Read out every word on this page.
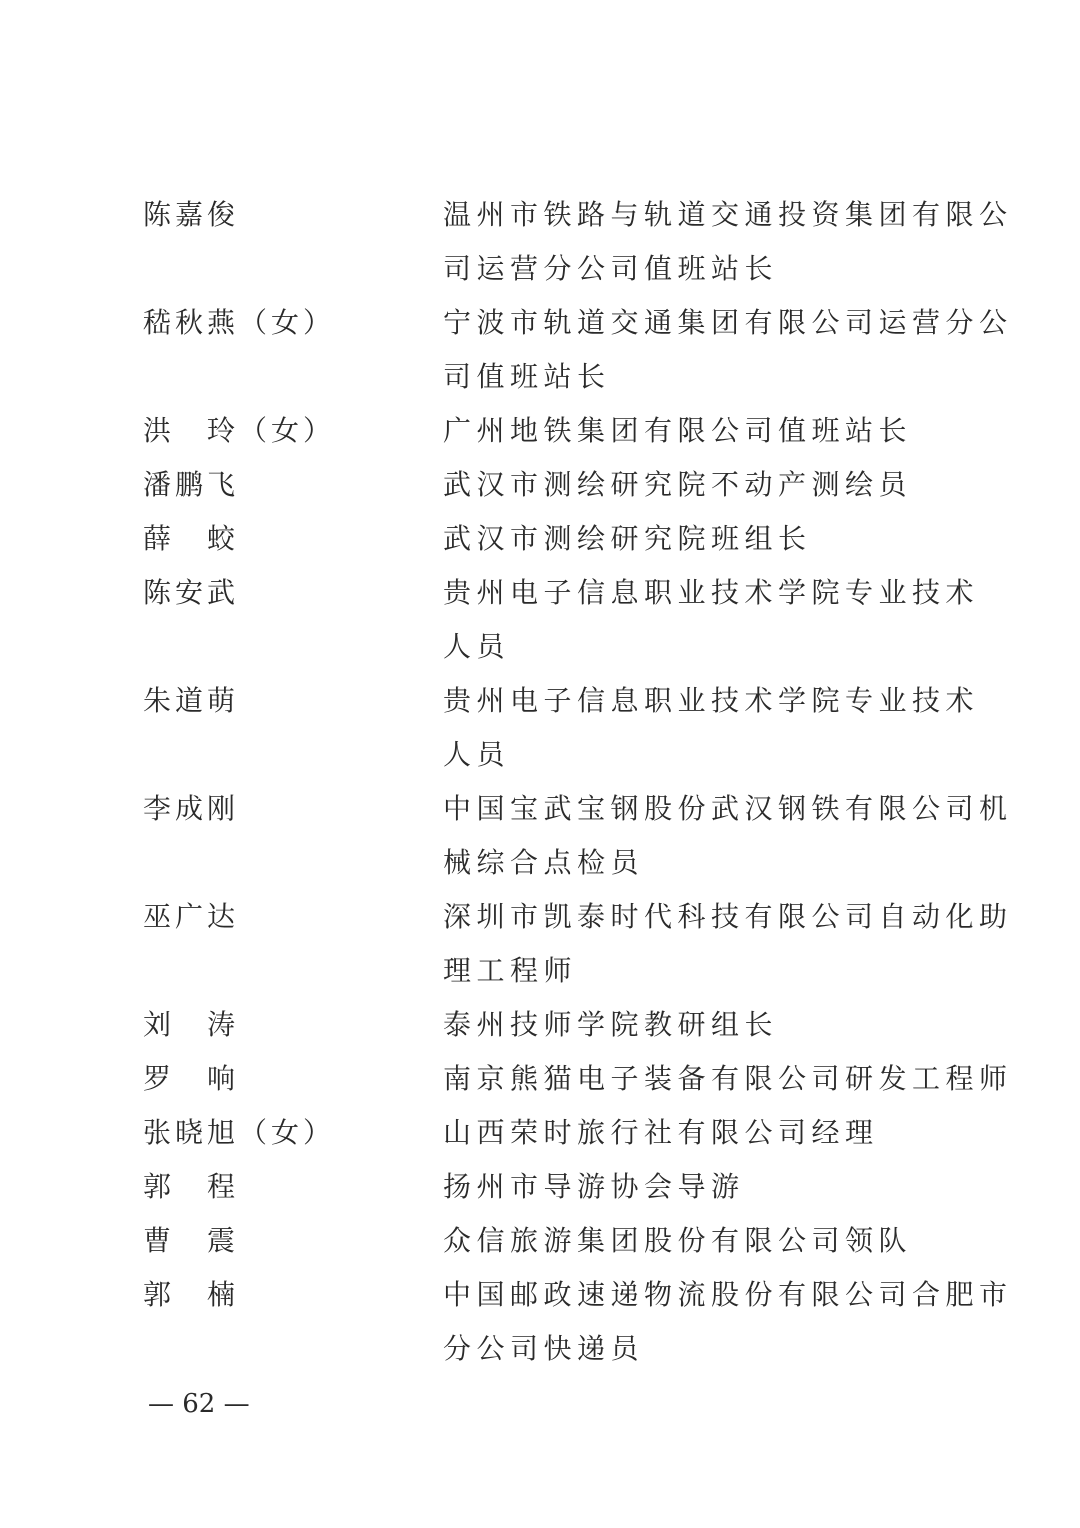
陈嘉俊	温州市铁路与轨道交通投资集团有限公
司运营分公司值班站长
嵇秋燕（女）	宁波市轨道交通集团有限公司运营分公
司值班站长
洪　玲（女）	广州地铁集团有限公司值班站长
潘鹏飞	武汉市测绘研究院不动产测绘员
薛　蛟	武汉市测绘研究院班组长
陈安武	贵州电子信息职业技术学院专业技术
人员
朱道萌	贵州电子信息职业技术学院专业技术
人员
李成刚	中国宝武宝钢股份武汉钢铁有限公司机
械综合点检员
巫广达	深圳市凯泰时代科技有限公司自动化助
理工程师
刘　涛	泰州技师学院教研组长
罗　响	南京熊猫电子装备有限公司研发工程师
张晓旭（女）	山西荣时旅行社有限公司经理
郭　程	扬州市导游协会导游
曹　震	众信旅游集团股份有限公司领队
郭　楠	中国邮政速递物流股份有限公司合肥市
分公司快递员
— 62 —
